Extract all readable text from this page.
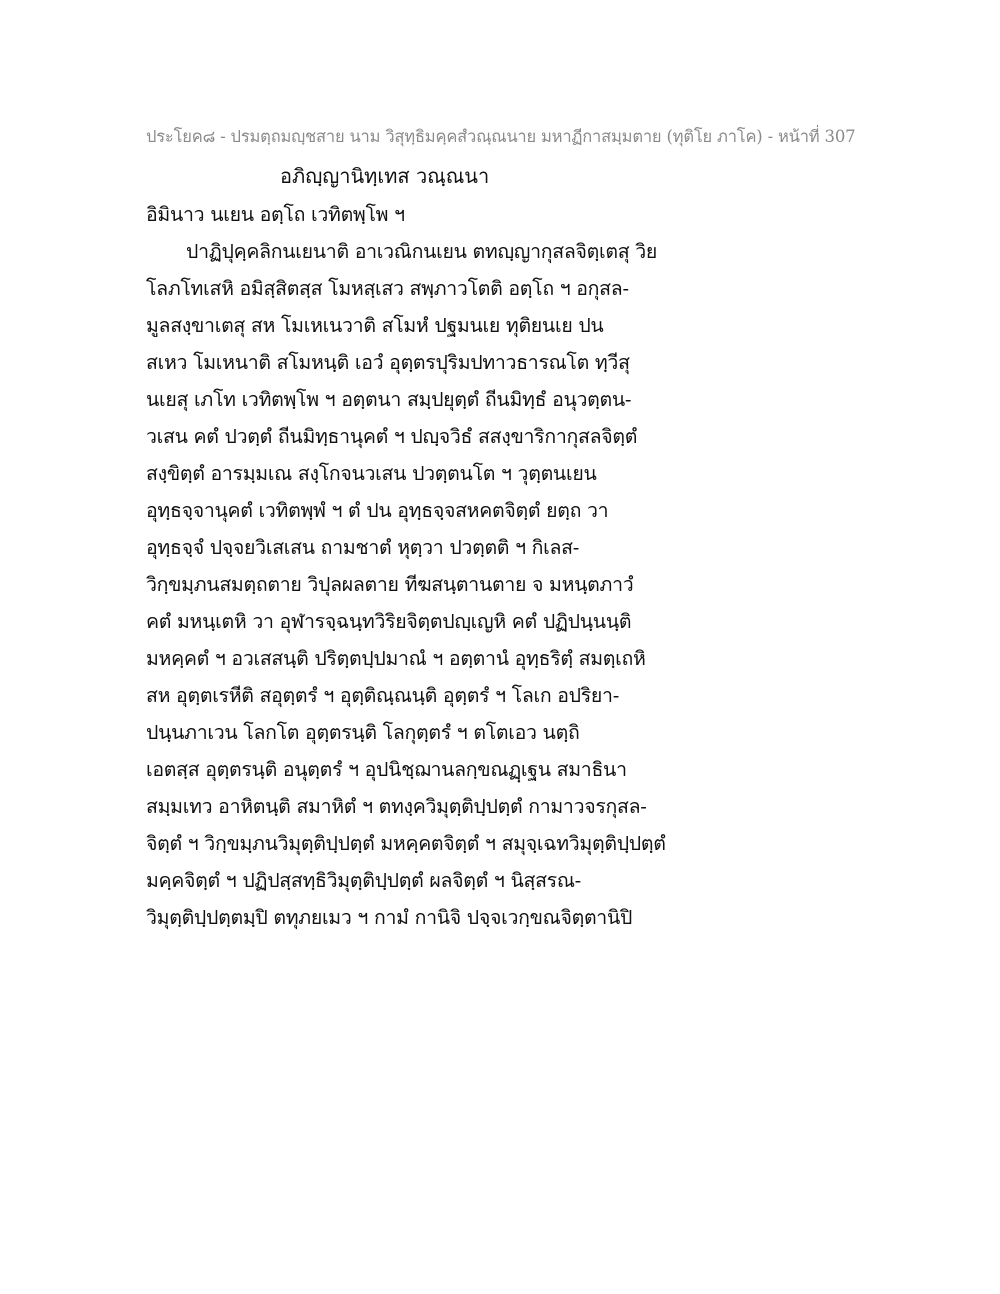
ประโยค๘ - ปรมตฺถมญฺชสาย นาม วิสุทฺธิมคฺคสํวณฺณนาย มหาฏีกาสมฺมตาย (ทุติโย ภาโค) - หน้าที่ 307
อภิญฺญานิทฺเทส วณฺณนา
อิมินาว นเยน อตฺโถ เวทิตพฺโพ ฯ
ปาฏิปุคฺคลิกนเยนาติ อาเวณิกนเยน ตทญฺญากุสลจิตฺเตสุ วิย
โลภโทเสหิ อมิสฺสิตสฺส โมหสฺเสว สพฺภาวโตติ อตฺโถ ฯ อกุสล-
มูลสงฺขาเตสุ สห โมเหเนวาติ สโมหํ ปฐมนเย ทุติยนเย ปน
สเหว โมเหนาติ สโมหนฺติ เอวํ อุตฺตรปุริมปทาวธารณโต ทฺวีสุ
นเยสุ เภโท เวทิตพฺโพ ฯ อตฺตนา สมฺปยุตฺตํ ถีนมิทฺธํ อนุวตฺตน-
วเสน คตํ ปวตฺตํ ถีนมิทฺธานุคตํ ฯ ปญฺจวิธํ สสงฺขาริกากุสลจิตฺตํ
สงฺขิตฺตํ อารมฺมเณ สงฺโกจนวเสน ปวตฺตนโต ฯ วุตฺตนเยน
อุทฺธจฺจานุคตํ เวทิตพฺพํ ฯ ตํ ปน อุทฺธจฺจสหคตจิตฺตํ ยตฺถ วา
อุทฺธจฺจํ ปจฺจยวิเสเสน ถามชาตํ หุตฺวา ปวตฺตติ ฯ กิเลส-
วิกฺขมฺภนสมตฺถตาย วิปุลผลตาย ทีฆสนฺตานตาย จ มหนฺตภาวํ
คตํ มหนฺเตหิ วา อุฬารจฺฉนฺทวิริยจิตฺตปญฺเญหิ คตํ ปฏิปนฺนนฺติ
มหคฺคตํ ฯ อวเสสนฺติ ปริตฺตปฺปมาณํ ฯ อตฺตานํ อุทฺธริตฺํ สมตฺเถหิ
สห อุตฺตเรหีติ สอุตฺตรํ ฯ อุตฺติณฺณนฺติ อุตฺตรํ ฯ โลเก อปริยา-
ปนฺนภาเวน โลกโต อุตฺตรนฺติ โลกุตฺตรํ ฯ ตโตเอว นตฺถิ
เอตสฺส อุตฺตรนฺติ อนุตฺตรํ ฯ อุปนิชฺฌานลกฺขณฏฺเฐน สมาธินา
สมฺมเทว อาหิตนฺติ สมาหิตํ ฯ ตทงฺควิมุตฺติปฺปตฺตํ กามาวจรกุสล-
จิตฺตํ ฯ วิกฺขมฺภนวิมุตฺติปฺปตฺตํ มหคฺคตจิตฺตํ ฯ สมุจฺเฉทวิมุตฺติปฺปตฺตํ
มคฺคจิตฺตํ ฯ ปฏิปสฺสทฺธิวิมุตฺติปฺปตฺตํ ผลจิตฺตํ ฯ นิสฺสรณ-
วิมุตฺติปฺปตฺตมฺปิ ตทุภยเมว ฯ กามํ กานิจิ ปจฺจเวกฺขณจิตฺตานิปิ
